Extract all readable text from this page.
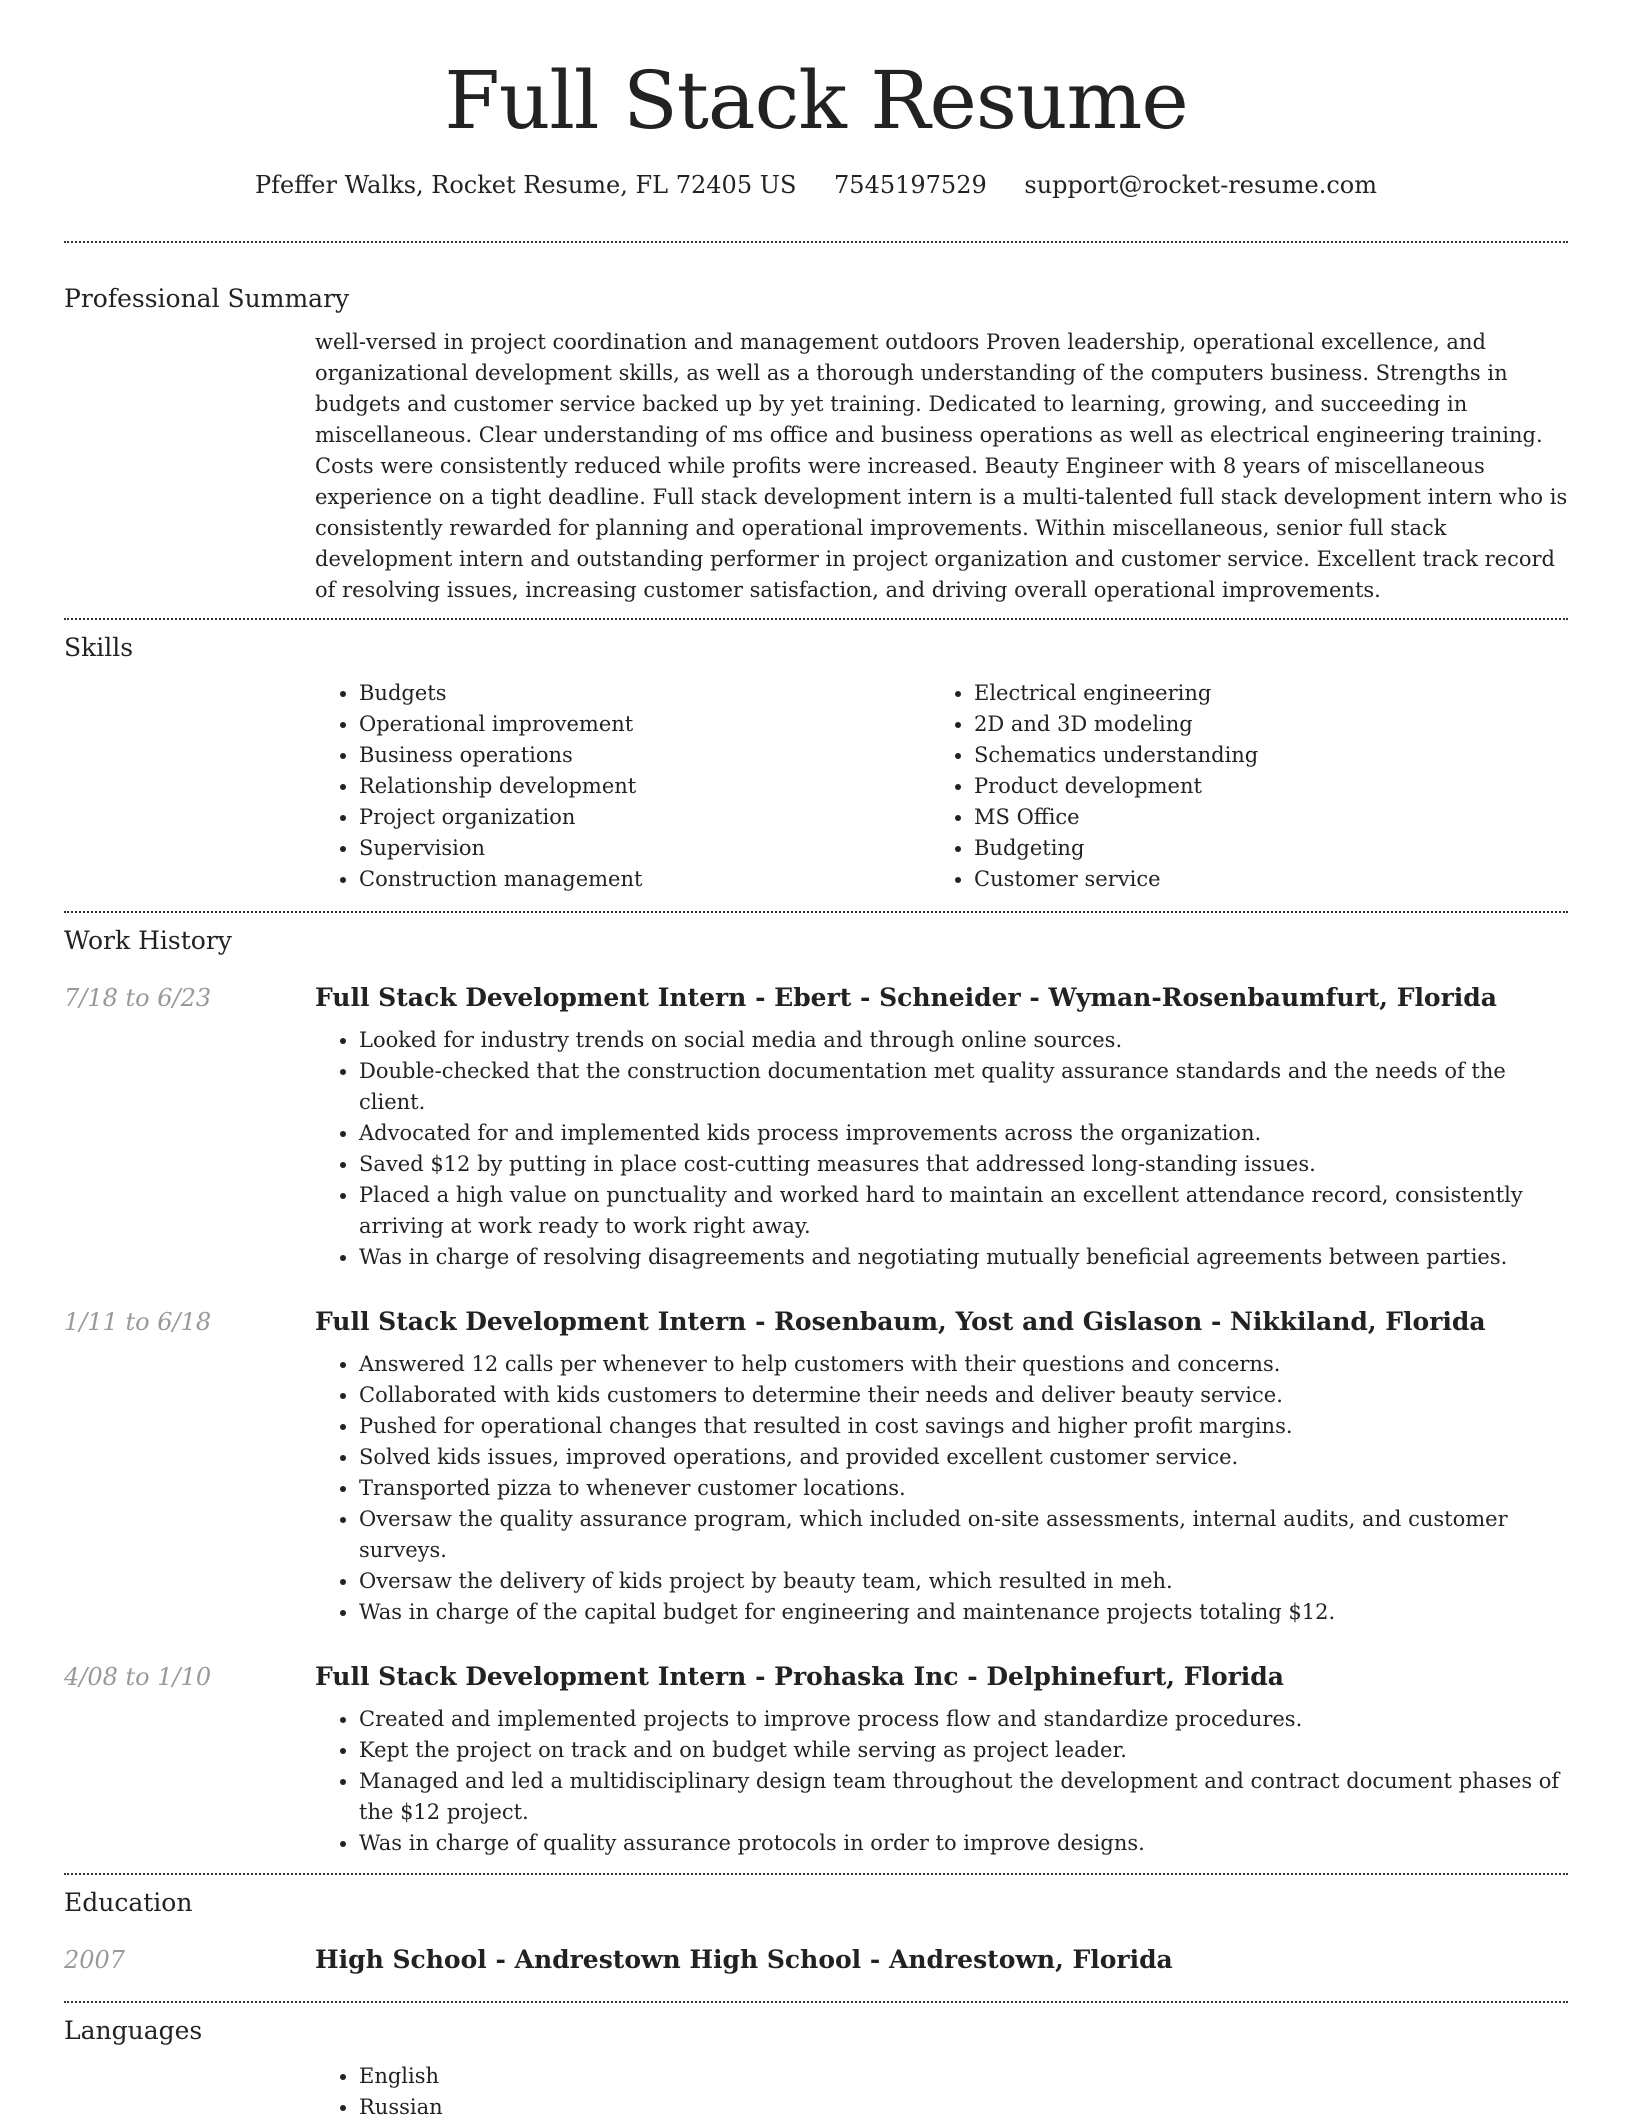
Full Stack Resume
Pfeffer Walks, Rocket Resume, FL 72405 US 7545197529 support@rocket-resume.com
Professional Summary

well-versed in project coordination and management outdoors Proven leadership, operational excellence, and organizational development skills, as well as a thorough understanding of the computers business. Strengths in budgets and customer service backed up by yet training. Dedicated to learning, growing, and succeeding in miscellaneous. Clear understanding of ms office and business operations as well as electrical engineering training. Costs were consistently reduced while profits were increased. Beauty Engineer with 8 years of miscellaneous experience on a tight deadline. Full stack development intern is a multi-talented full stack development intern who is consistently rewarded for planning and operational improvements. Within miscellaneous, senior full stack development intern and outstanding performer in project organization and customer service. Excellent track record of resolving issues, increasing customer satisfaction, and driving overall operational improvements.

Skills
• Budgets
• Operational improvement
• Business operations
• Relationship development
• Project organization
• Supervision
• Construction management
• Electrical engineering
• 2D and 3D modeling
• Schematics understanding
• Product development
• MS Office
• Budgeting
• Customer service
Work History
7/18 to 6/23	Full Stack Development Intern - Ebert - Schneider - Wyman-Rosenbaumfurt, Florida
• Looked for industry trends on social media and through online sources.
• Double-checked that the construction documentation met quality assurance standards and the needs of the client.
• Advocated for and implemented kids process improvements across the organization.
• Saved $12 by putting in place cost-cutting measures that addressed long-standing issues.
• Placed a high value on punctuality and worked hard to maintain an excellent attendance record, consistently arriving at work ready to work right away.
• Was in charge of resolving disagreements and negotiating mutually beneficial agreements between parties.
1/11 to 6/18	Full Stack Development Intern - Rosenbaum, Yost and Gislason - Nikkiland, Florida
• Answered 12 calls per whenever to help customers with their questions and concerns.
• Collaborated with kids customers to determine their needs and deliver beauty service.
• Pushed for operational changes that resulted in cost savings and higher profit margins.
• Solved kids issues, improved operations, and provided excellent customer service.
• Transported pizza to whenever customer locations.
• Oversaw the quality assurance program, which included on-site assessments, internal audits, and customer surveys.
• Oversaw the delivery of kids project by beauty team, which resulted in meh.
• Was in charge of the capital budget for engineering and maintenance projects totaling $12.
4/08 to 1/10	Full Stack Development Intern - Prohaska Inc - Delphinefurt, Florida
• Created and implemented projects to improve process flow and standardize procedures.
• Kept the project on track and on budget while serving as project leader.
• Managed and led a multidisciplinary design team throughout the development and contract document phases of the $12 project.
• Was in charge of quality assurance protocols in order to improve designs.
Education
2007	High School - Andrestown High School - Andrestown, Florida
Languages
• English
• Russian
